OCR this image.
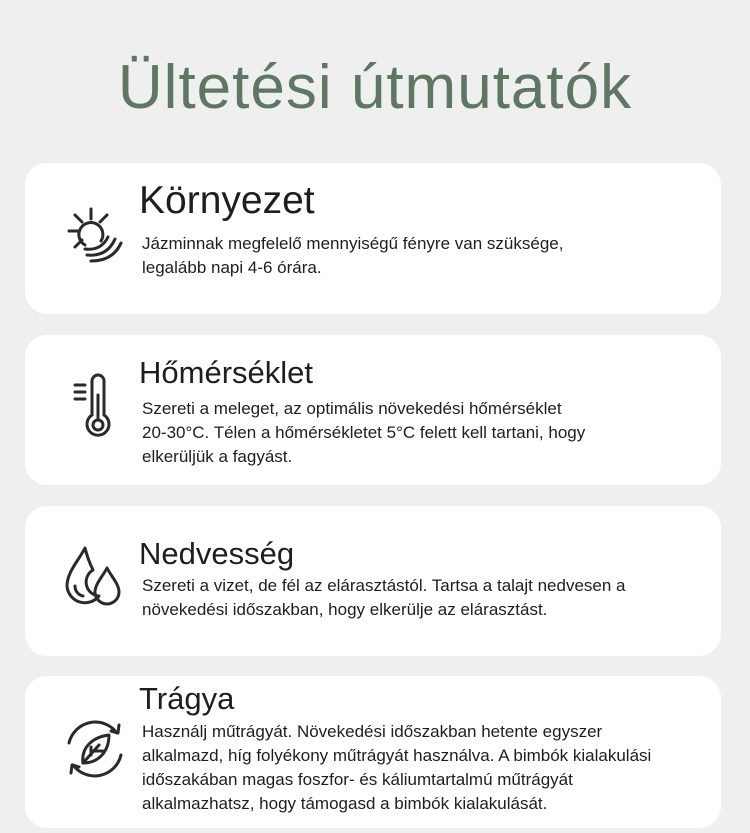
Ültetési útmutatók
Környezet
Jázminnak megfelelő mennyiségű fényre van szüksége,
legalább napi 4-6 órára.
Hőmérséklet
Szereti a meleget, az optimális növekedési hőmérséklet
20-30°C. Télen a hőmérsékletet 5°C felett kell tartani, hogy
elkerüljük a fagyást.
Nedvesség
Szereti a vizet, de fél az elárasztástól. Tartsa a talajt nedvesen a
növekedési időszakban, hogy elkerülje az elárasztást.
Trágya
Használj műtrágyát. Növekedési időszakban hetente egyszer
alkalmazd, híg folyékony műtrágyát használva. A bimbók kialakulási
időszakában magas foszfor- és káliumtartalmú műtrágyát
alkalmazhatsz, hogy támogasd a bimbók kialakulását.
